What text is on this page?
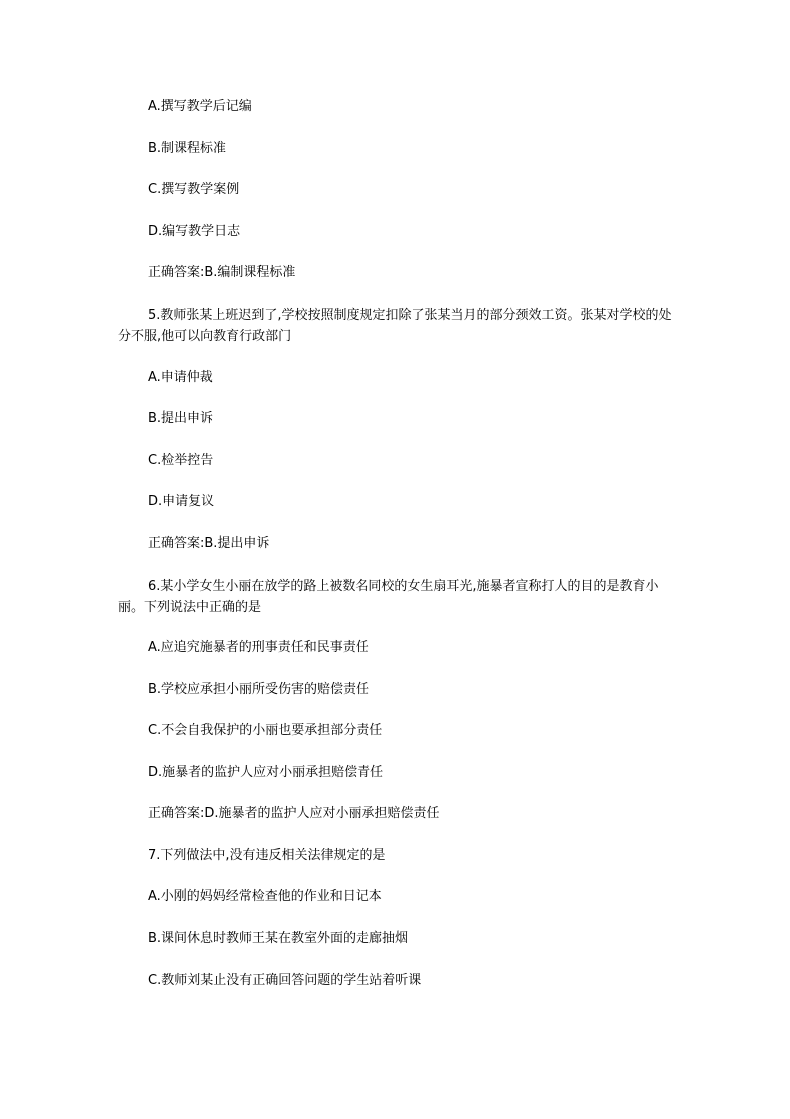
A.撰写教学后记编
B.制课程标准
C.撰写教学案例
D.编写教学日志
正确答案:B.编制课程标准
5.教师张某上班迟到了,学校按照制度规定扣除了张某当月的部分颈效工资。张某对学校的处分不服,他可以向教育行政部门
A.申请仲裁
B.提出申诉
C.检举控告
D.申请复议
正确答案:B.提出申诉
6.某小学女生小丽在放学的路上被数名同校的女生扇耳光,施暴者宣称打人的目的是教育小丽。下列说法中正确的是
A.应追究施暴者的刑事责任和民事责任
B.学校应承担小丽所受伤害的赔偿责任
C.不会自我保护的小丽也要承担部分责任
D.施暴者的监护人应对小丽承担赔偿青任
正确答案:D.施暴者的监护人应对小丽承担赔偿责任
7.下列做法中,没有违反相关法律规定的是
A.小刚的妈妈经常检查他的作业和日记本
B.课间休息时教师王某在教室外面的走廊抽烟
C.教师刘某止没有正确回答问题的学生站着听课
